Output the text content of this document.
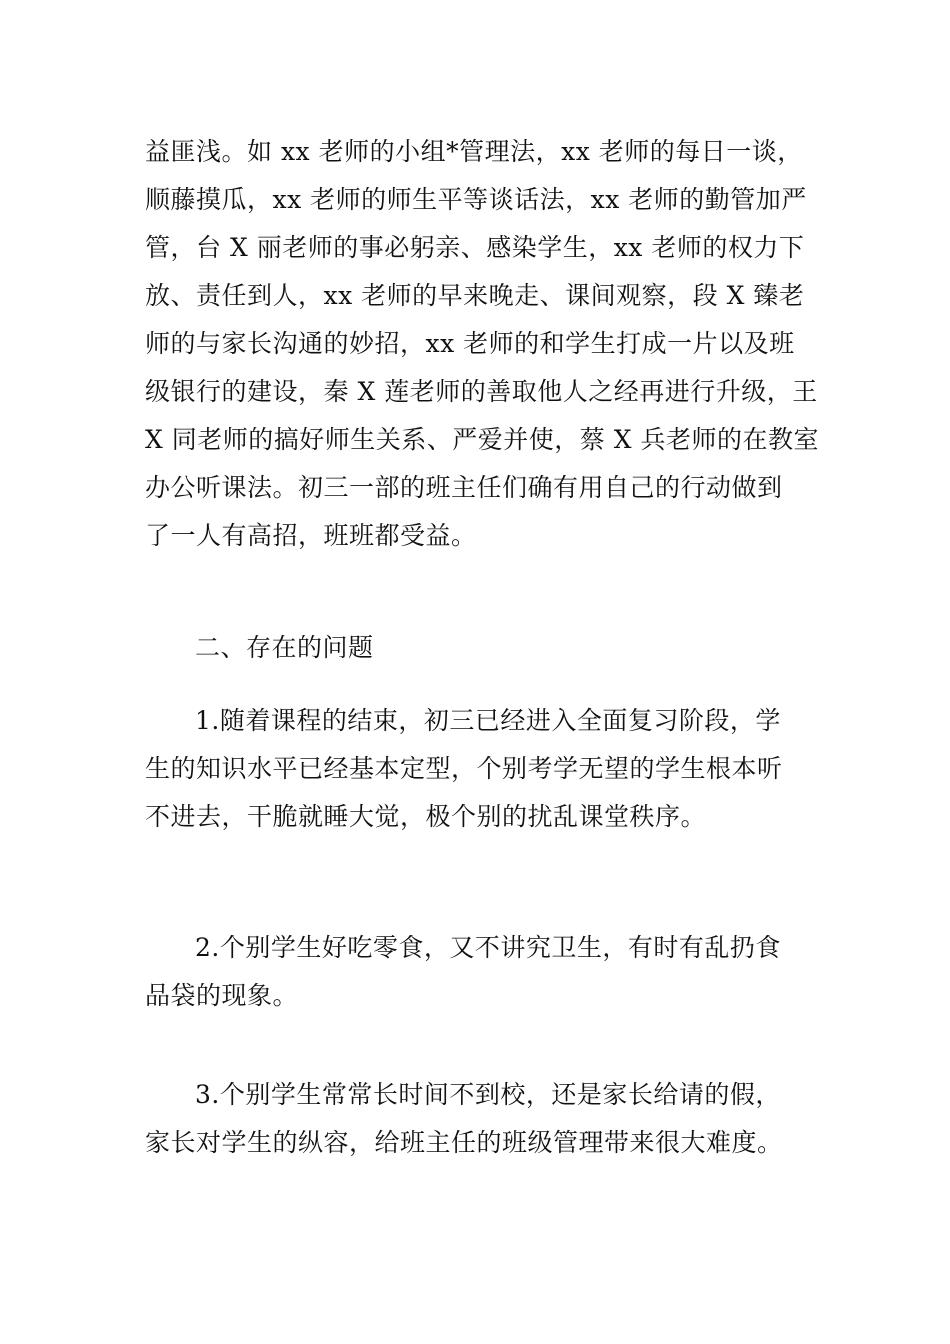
益匪浅。如 xx 老师的小组*管理法，xx 老师的每日一谈，
顺藤摸瓜，xx 老师的师生平等谈话法，xx 老师的勤管加严
管，台 X 丽老师的事必躬亲、感染学生，xx 老师的权力下
放、责任到人，xx 老师的早来晚走、课间观察，段 X 臻老
师的与家长沟通的妙招，xx 老师的和学生打成一片以及班
级银行的建设，秦 X 莲老师的善取他人之经再进行升级，王
X 同老师的搞好师生关系、严爱并使，蔡 X 兵老师的在教室
办公听课法。初三一部的班主任们确有用自己的行动做到
了一人有高招，班班都受益。
二、存在的问题
1.随着课程的结束，初三已经进入全面复习阶段，学
生的知识水平已经基本定型，个别考学无望的学生根本听
不进去，干脆就睡大觉，极个别的扰乱课堂秩序。
2.个别学生好吃零食，又不讲究卫生，有时有乱扔食
品袋的现象。
3.个别学生常常长时间不到校，还是家长给请的假，
家长对学生的纵容，给班主任的班级管理带来很大难度。
